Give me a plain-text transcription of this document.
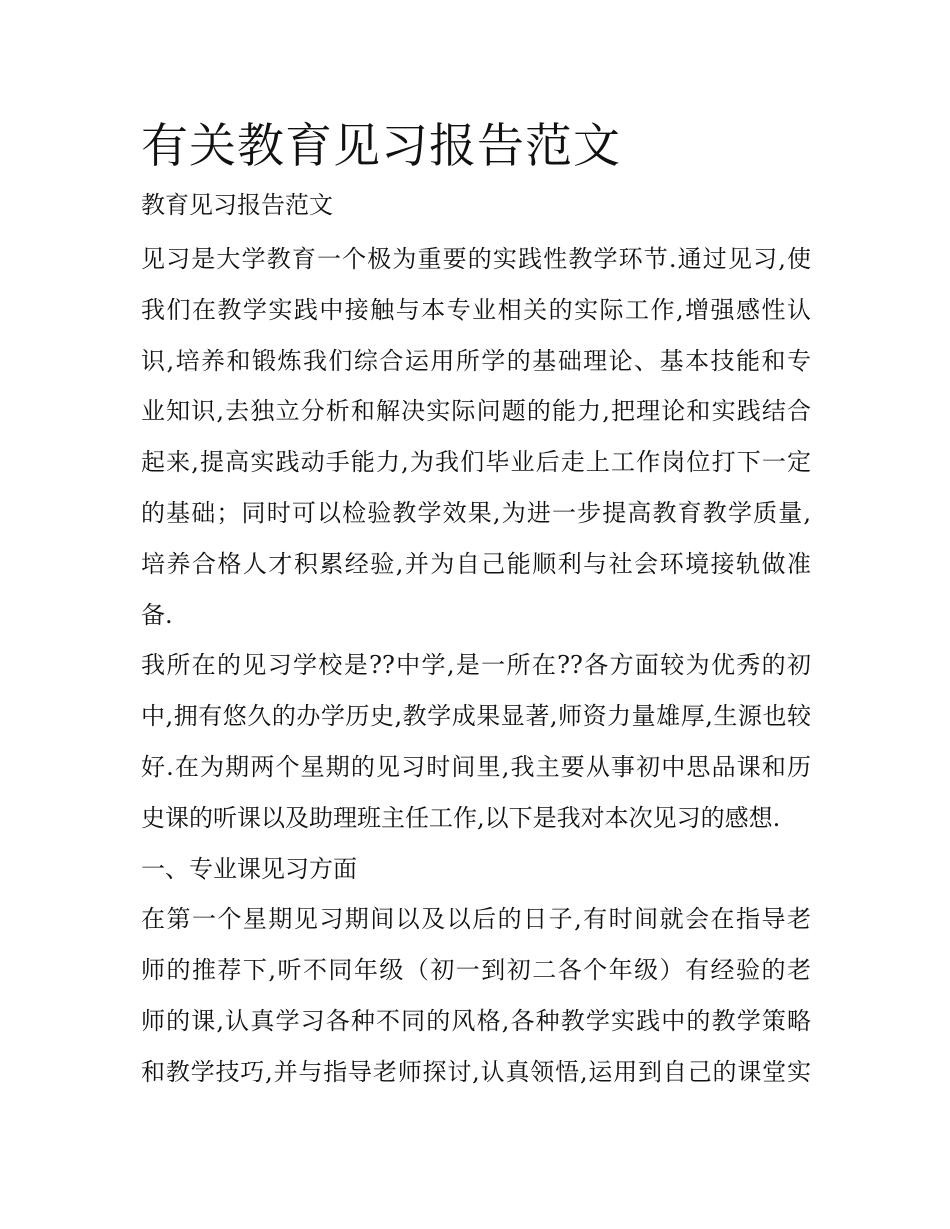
有关教育见习报告范文
教育见习报告范文
见习是大学教育一个极为重要的实践性教学环节.通过见习,使
我们在教学实践中接触与本专业相关的实际工作,增强感性认
识,培养和锻炼我们综合运用所学的基础理论、基本技能和专
业知识,去独立分析和解决实际问题的能力,把理论和实践结合
起来,提高实践动手能力,为我们毕业后走上工作岗位打下一定
的基础；同时可以检验教学效果,为进一步提高教育教学质量,
培养合格人才积累经验,并为自己能顺利与社会环境接轨做准
备.
我所在的见习学校是??中学,是一所在??各方面较为优秀的初
中,拥有悠久的办学历史,教学成果显著,师资力量雄厚,生源也较
好.在为期两个星期的见习时间里,我主要从事初中思品课和历
史课的听课以及助理班主任工作,以下是我对本次见习的感想.
一、专业课见习方面
在第一个星期见习期间以及以后的日子,有时间就会在指导老
师的推荐下,听不同年级（初一到初二各个年级）有经验的老
师的课,认真学习各种不同的风格,各种教学实践中的教学策略
和教学技巧,并与指导老师探讨,认真领悟,运用到自己的课堂实
